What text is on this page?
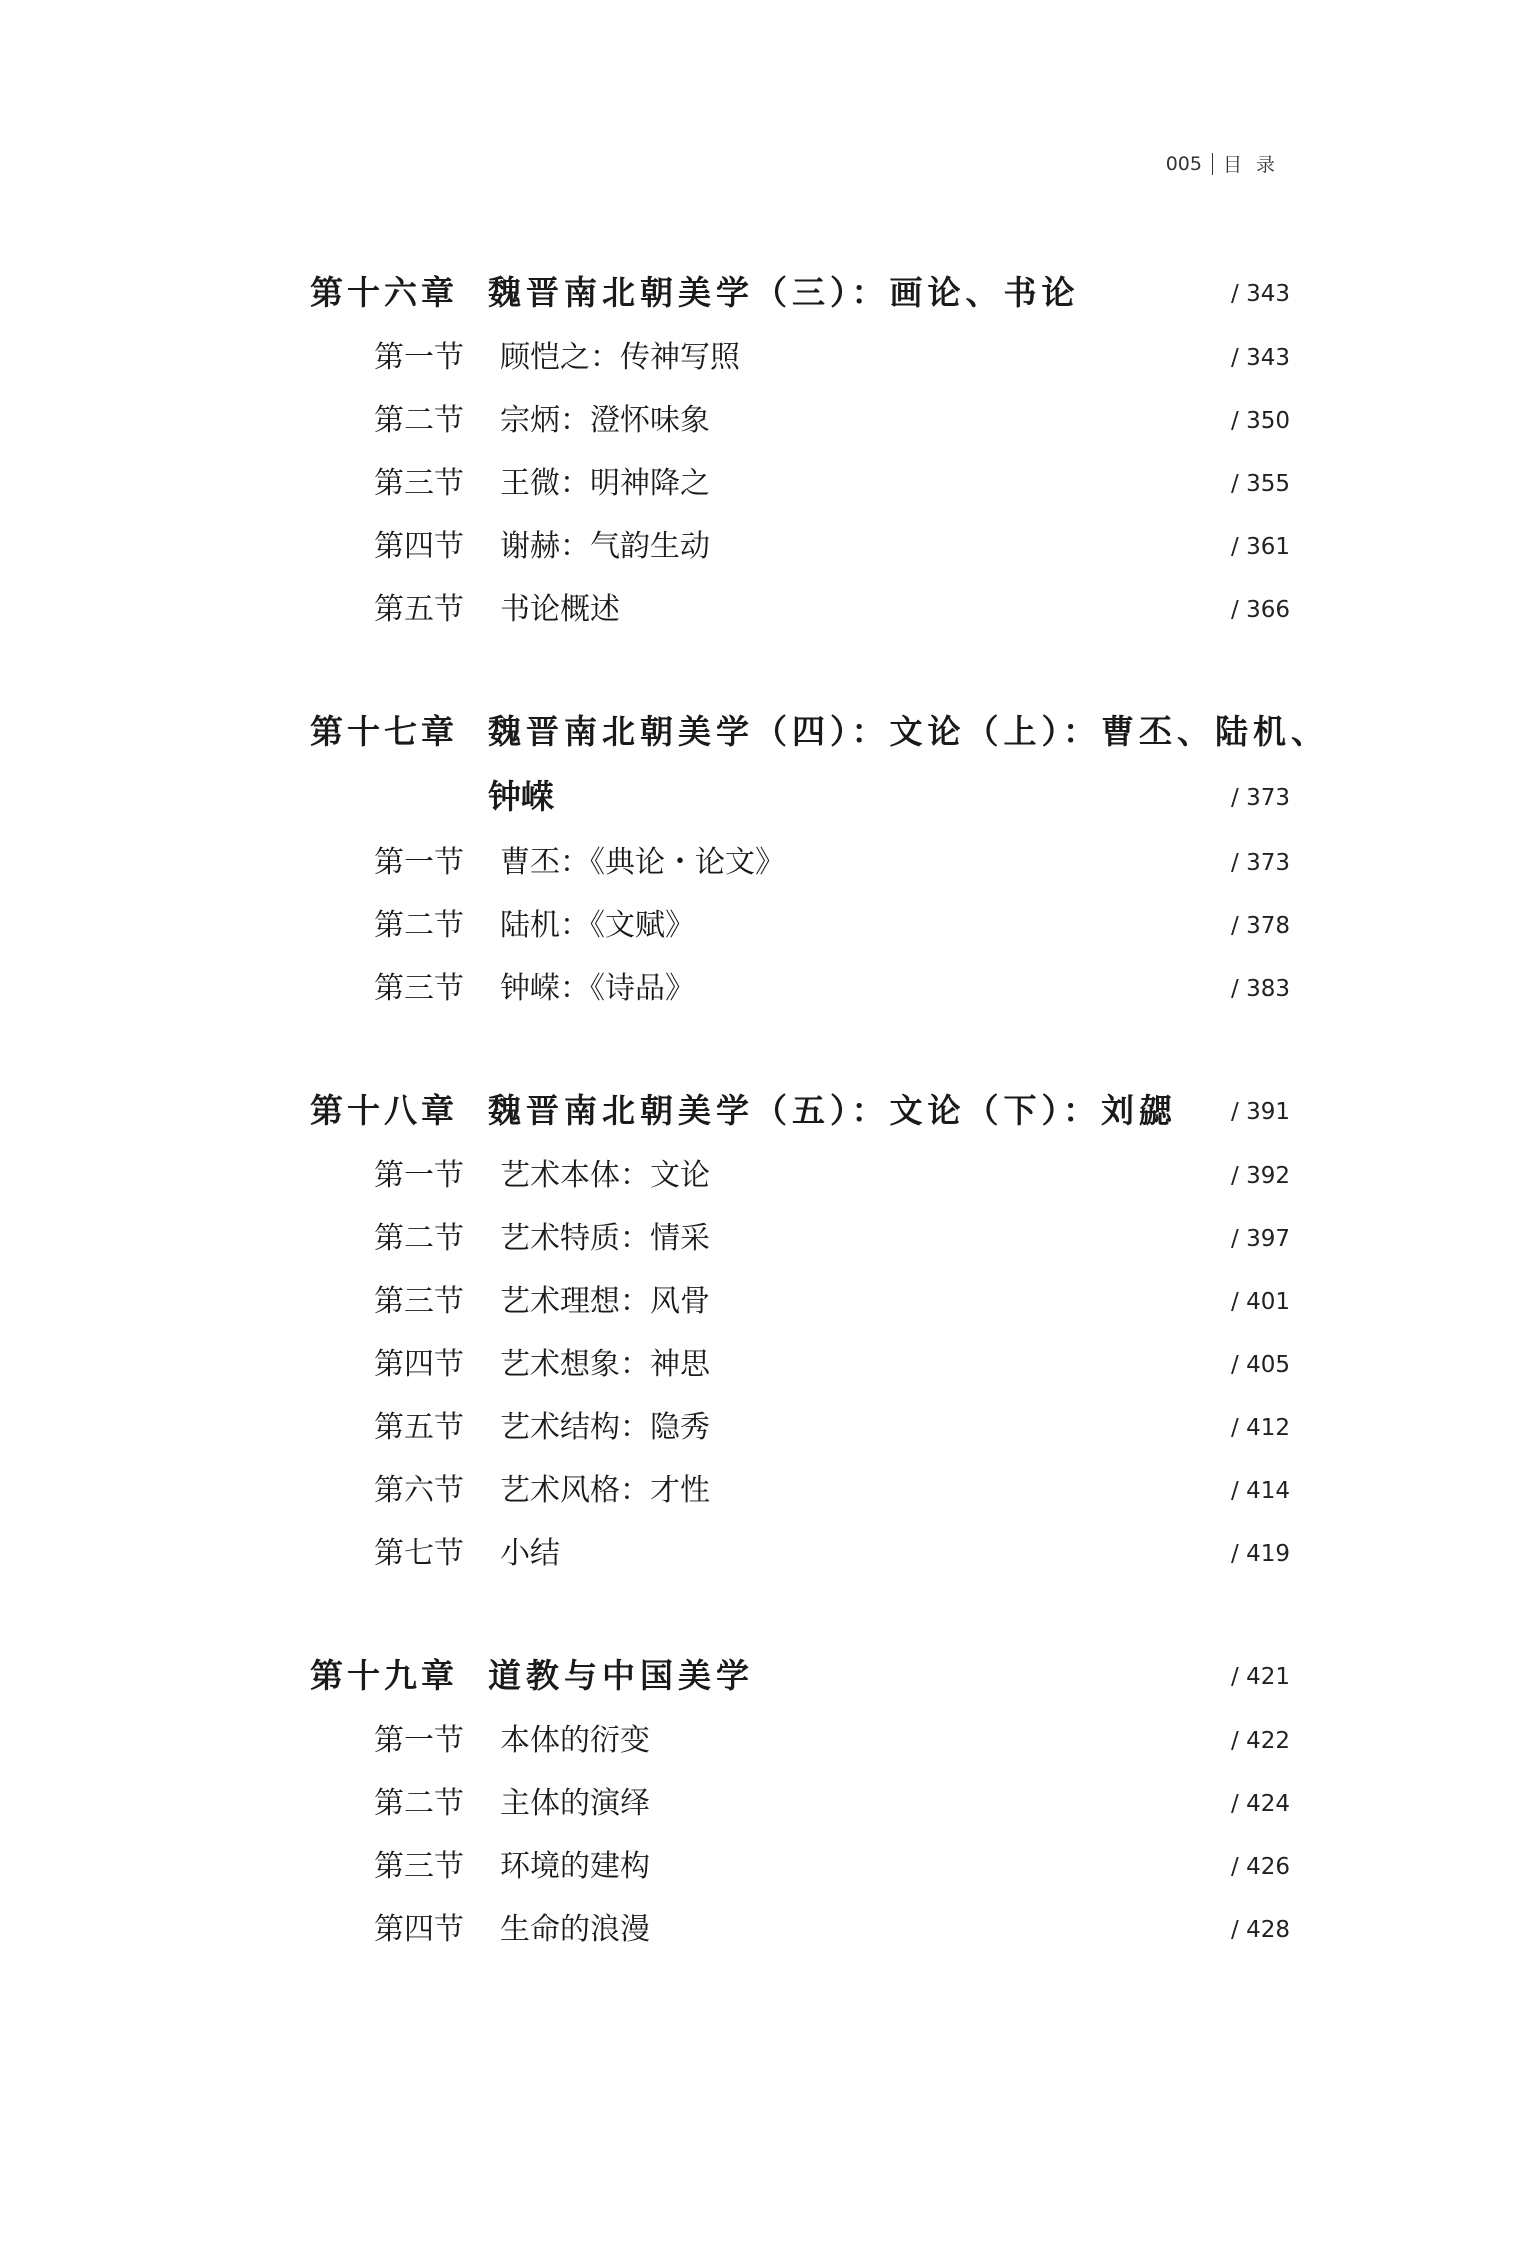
005 目录
第十六章 魏晋南北朝美学（三）：画论、书论	/ 343
第一节	顾恺之：传神写照	/ 343
第二节	宗炳：澄怀味象	/ 350
第三节	王微：明神降之	/ 355
第四节	谢赫：气韵生动	/ 361
第五节	书论概述	/ 366
第十七章 魏晋南北朝美学（四）：文论（上）：曹丕、陆机、
钟嵘	/ 373
第一节	曹丕：《典论・论文》	/ 373
第二节	陆机：《文赋》	/ 378
第三节	钟嵘：《诗品》	/ 383
第十八章 魏晋南北朝美学（五）：文论（下）：刘勰 / 391
第一节	艺术本体：文论	/ 392
第二节	艺术特质：情采	/ 397
第三节	艺术理想：风骨	/ 401
第四节	艺术想象：神思	/ 405
第五节	艺术结构：隐秀	/ 412
第六节	艺术风格：才性	/ 414
第七节	小结	/ 419
第十九章 道教与中国美学	/ 421
第一节	本体的衍变	/ 422
第二节	主体的演绎	/ 424
第三节	环境的建构	/ 426
第四节	生命的浪漫	/ 428
